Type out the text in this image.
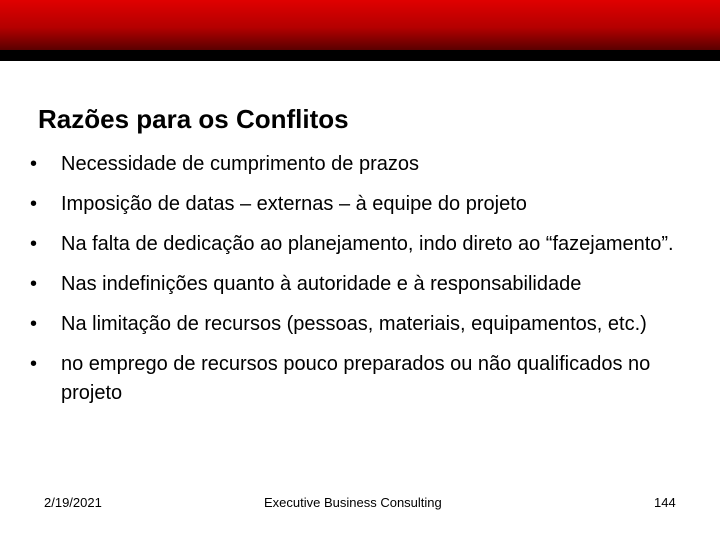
Razões para os Conflitos
•	Necessidade de cumprimento de prazos
•	Imposição de datas – externas – à equipe do projeto
•	Na falta de dedicação ao planejamento, indo direto ao “fazejamento”.
•	Nas indefinições quanto à autoridade e à responsabilidade
•	Na limitação de recursos (pessoas, materiais, equipamentos, etc.)
•	no emprego de recursos pouco preparados ou não qualificados no projeto
2/19/2021	Executive Business Consulting	144
